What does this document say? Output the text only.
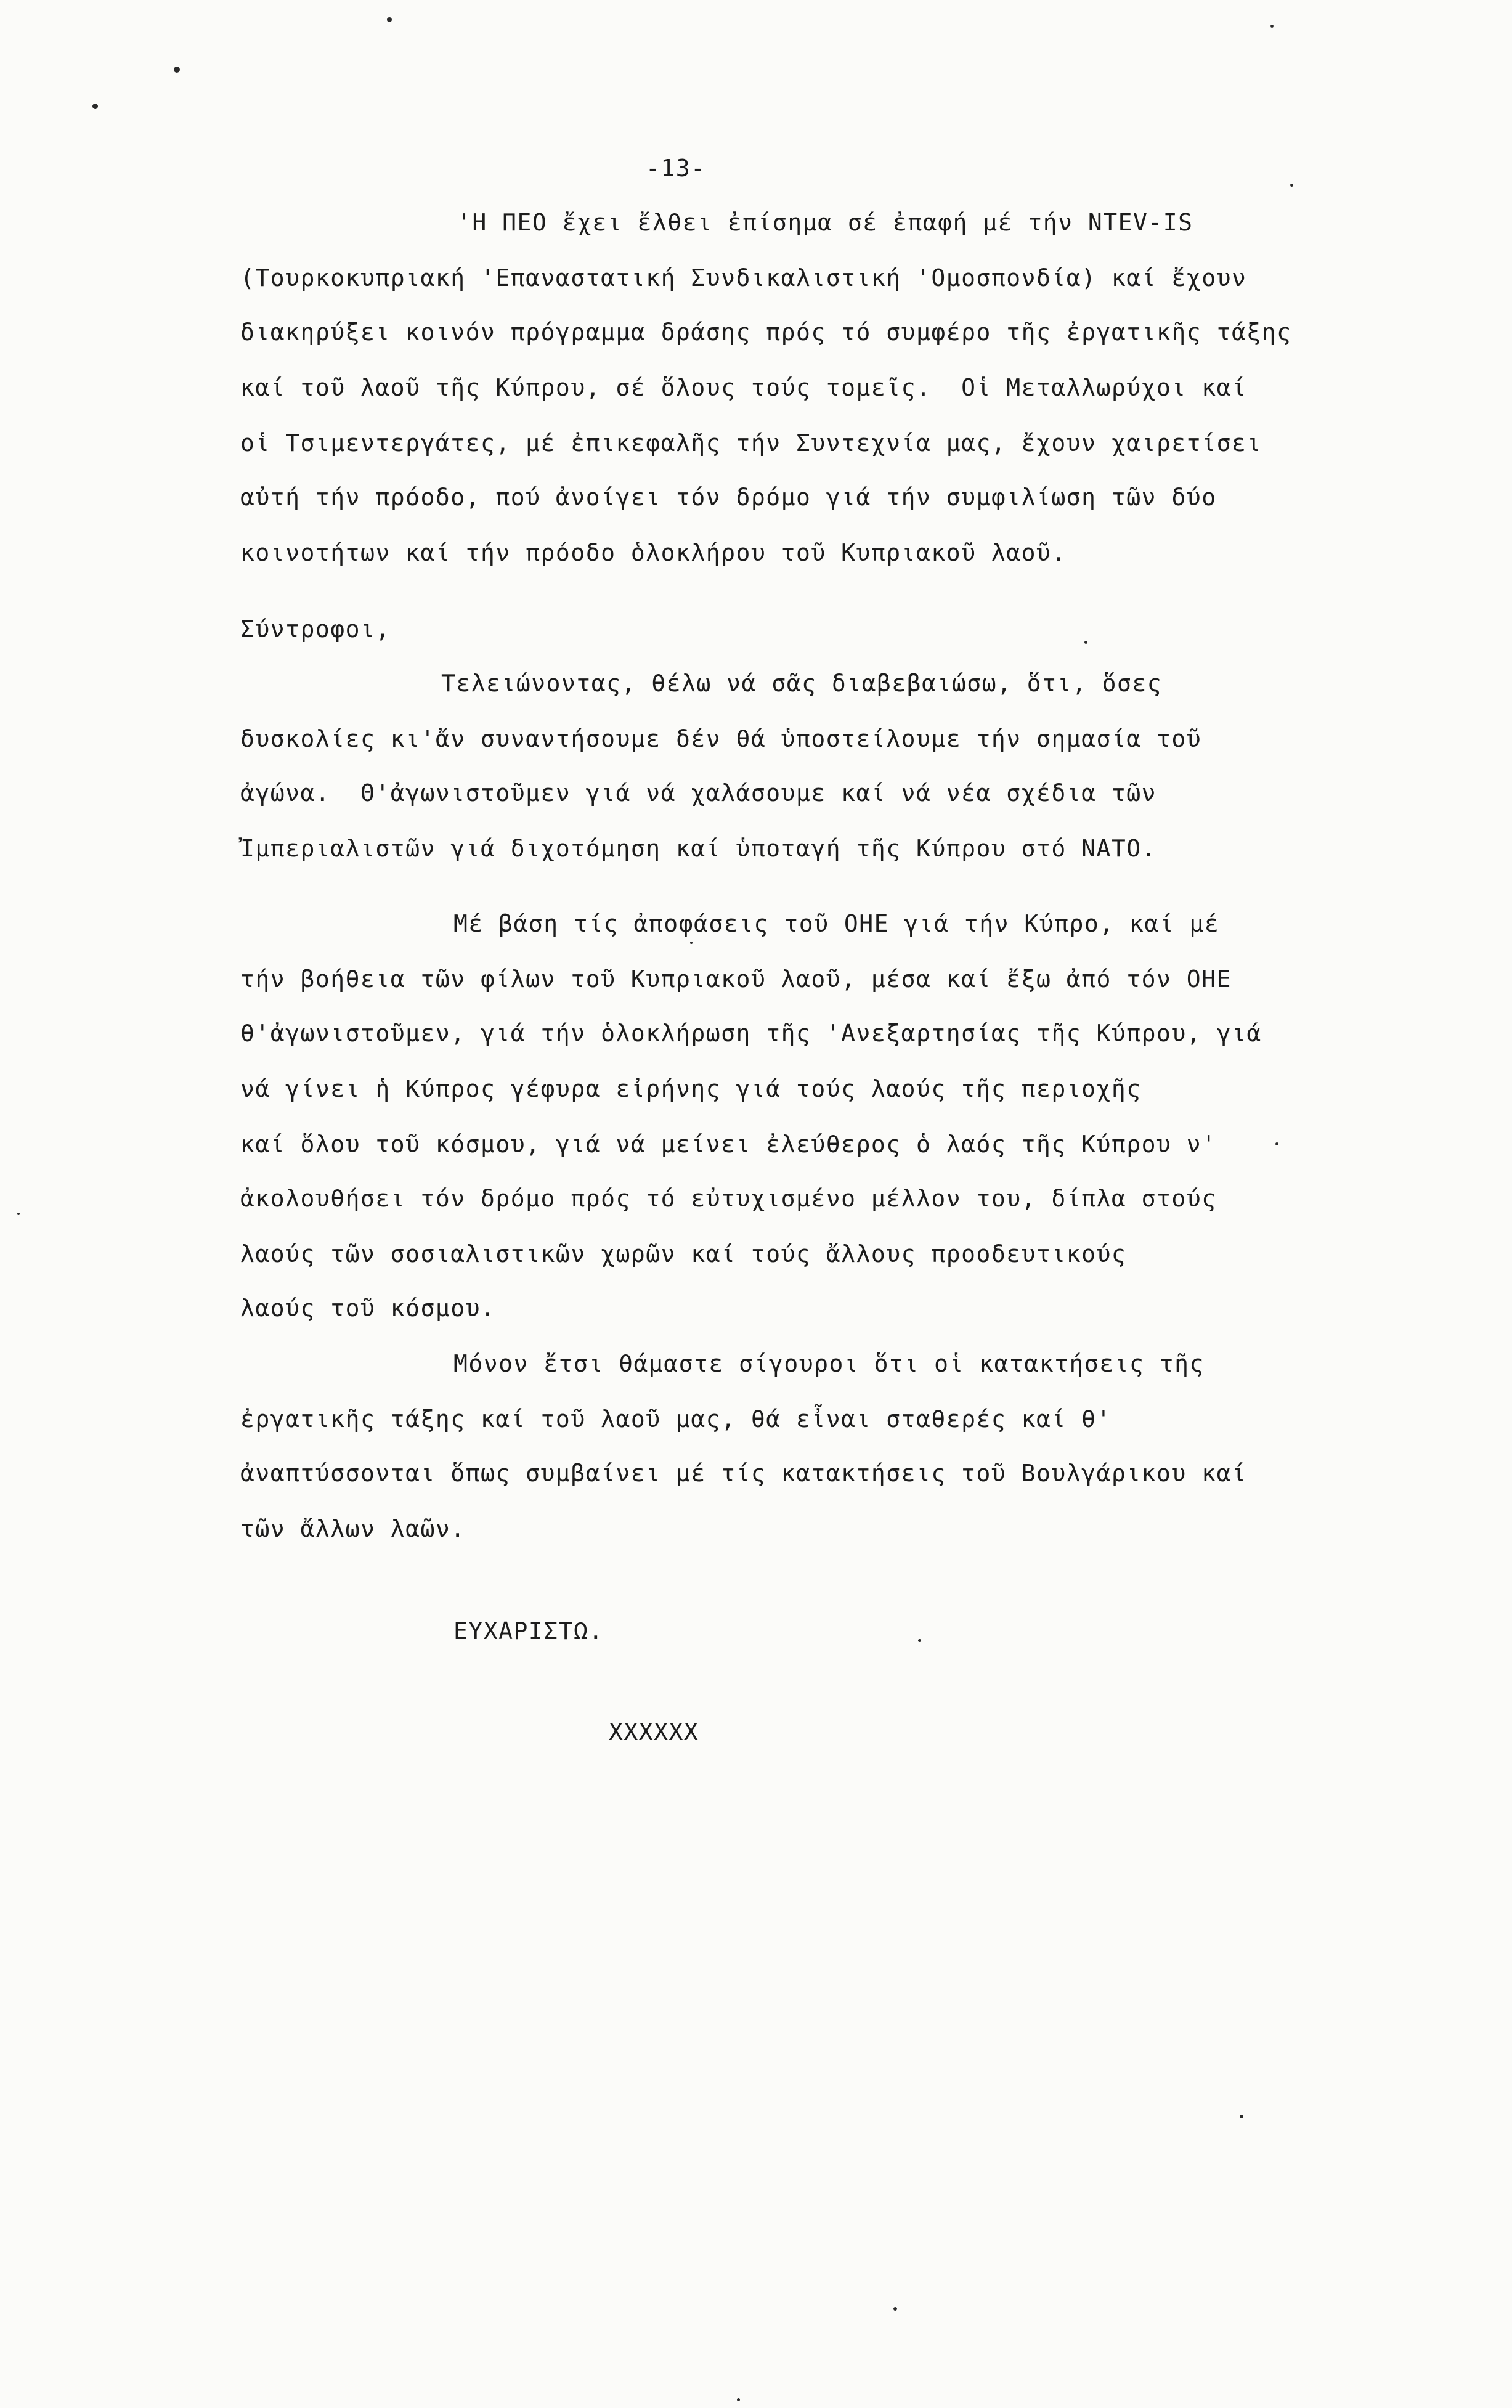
-13-
'Η ΠΕΟ ἔχει ἔλθει ἐπίσημα σέ ἐπαφή μέ τήν NTEV-IS
(Τουρκοκυπριακή 'Επαναστατική Συνδικαλιστική 'Ομοσπονδία) καί ἔχουν
διακηρύξει κοινόν πρόγραμμα δράσης πρός τό συμφέρο τῆς ἐργατικῆς τάξης
καί τοῦ λαοῦ τῆς Κύπρου, σέ ὅλους τούς τομεῖς.  Οἱ Μεταλλωρύχοι καί
οἱ Τσιμεντεργάτες, μέ ἐπικεφαλῆς τήν Συντεχνία μας, ἔχουν χαιρετίσει
αὐτή τήν πρόοδο, πού ἀνοίγει τόν δρόμο γιά τήν συμφιλίωση τῶν δύο
κοινοτήτων καί τήν πρόοδο ὁλοκλήρου τοῦ Κυπριακοῦ λαοῦ.
Σύντροφοι,
Τελειώνοντας, θέλω νά σᾶς διαβεβαιώσω, ὅτι, ὅσες
δυσκολίες κι'ἄν συναντήσουμε δέν θά ὑποστείλουμε τήν σημασία τοῦ
ἀγώνα.  Θ'ἀγωνιστοῦμεν γιά νά χαλάσουμε καί νά νέα σχέδια τῶν
Ἰμπεριαλιστῶν γιά διχοτόμηση καί ὑποταγή τῆς Κύπρου στό ΝΑΤΟ.
Μέ βάση τίς ἀποφάσεις τοῦ ΟΗΕ γιά τήν Κύπρο, καί μέ
τήν βοήθεια τῶν φίλων τοῦ Κυπριακοῦ λαοῦ, μέσα καί ἔξω ἀπό τόν ΟΗΕ
θ'ἀγωνιστοῦμεν, γιά τήν ὁλοκλήρωση τῆς 'Ανεξαρτησίας τῆς Κύπρου, γιά
νά γίνει ἡ Κύπρος γέφυρα εἰρήνης γιά τούς λαούς τῆς περιοχῆς
καί ὅλου τοῦ κόσμου, γιά νά μείνει ἐλεύθερος ὁ λαός τῆς Κύπρου ν'
ἀκολουθήσει τόν δρόμο πρός τό εὐτυχισμένο μέλλον του, δίπλα στούς
λαούς τῶν σοσιαλιστικῶν χωρῶν καί τούς ἄλλους προοδευτικούς
λαούς τοῦ κόσμου.
Μόνον ἔτσι θάμαστε σίγουροι ὅτι οἱ κατακτήσεις τῆς
ἐργατικῆς τάξης καί τοῦ λαοῦ μας, θά εἶναι σταθερές καί θ'
ἀναπτύσσονται ὅπως συμβαίνει μέ τίς κατακτήσεις τοῦ Βουλγάρικου καί
τῶν ἄλλων λαῶν.
ΕΥΧΑΡΙΣΤΩ.
XXXXXX
